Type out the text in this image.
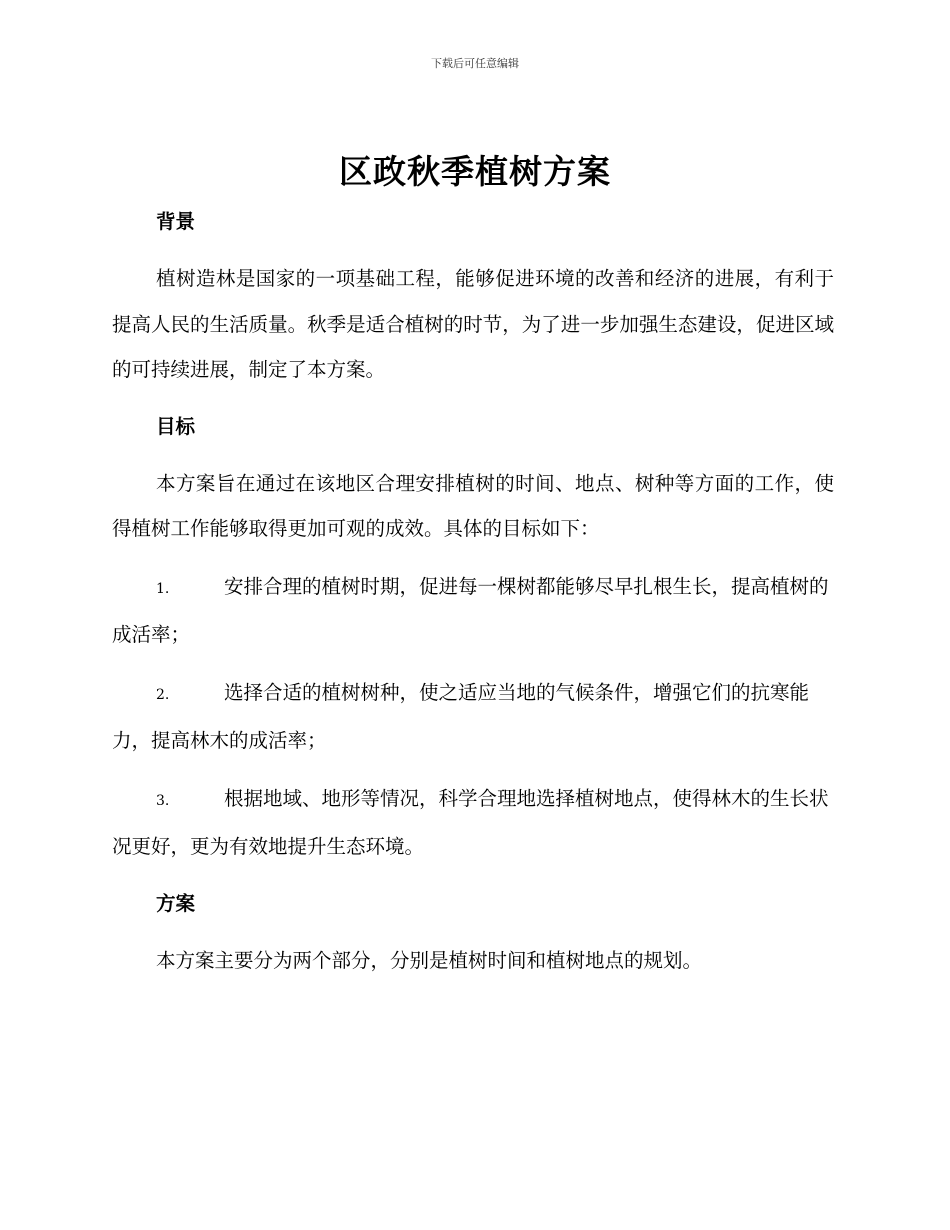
下载后可任意编辑
区政秋季植树方案
背景

植树造林是国家的一项基础工程，能够促进环境的改善和经济的进展，有利于提高人民的生活质量。秋季是适合植树的时节，为了进一步加强生态建设，促进区域的可持续进展，制定了本方案。

目标

本方案旨在通过在该地区合理安排植树的时间、地点、树种等方面的工作，使得植树工作能够取得更加可观的成效。具体的目标如下：

1.	安排合理的植树时期，促进每一棵树都能够尽早扎根生长，提高植树的成活率；

2.	选择合适的植树树种，使之适应当地的气候条件，增强它们的抗寒能力，提高林木的成活率；

3.	根据地域、地形等情况，科学合理地选择植树地点，使得林木的生长状况更好，更为有效地提升生态环境。

方案

本方案主要分为两个部分，分别是植树时间和植树地点的规划。
